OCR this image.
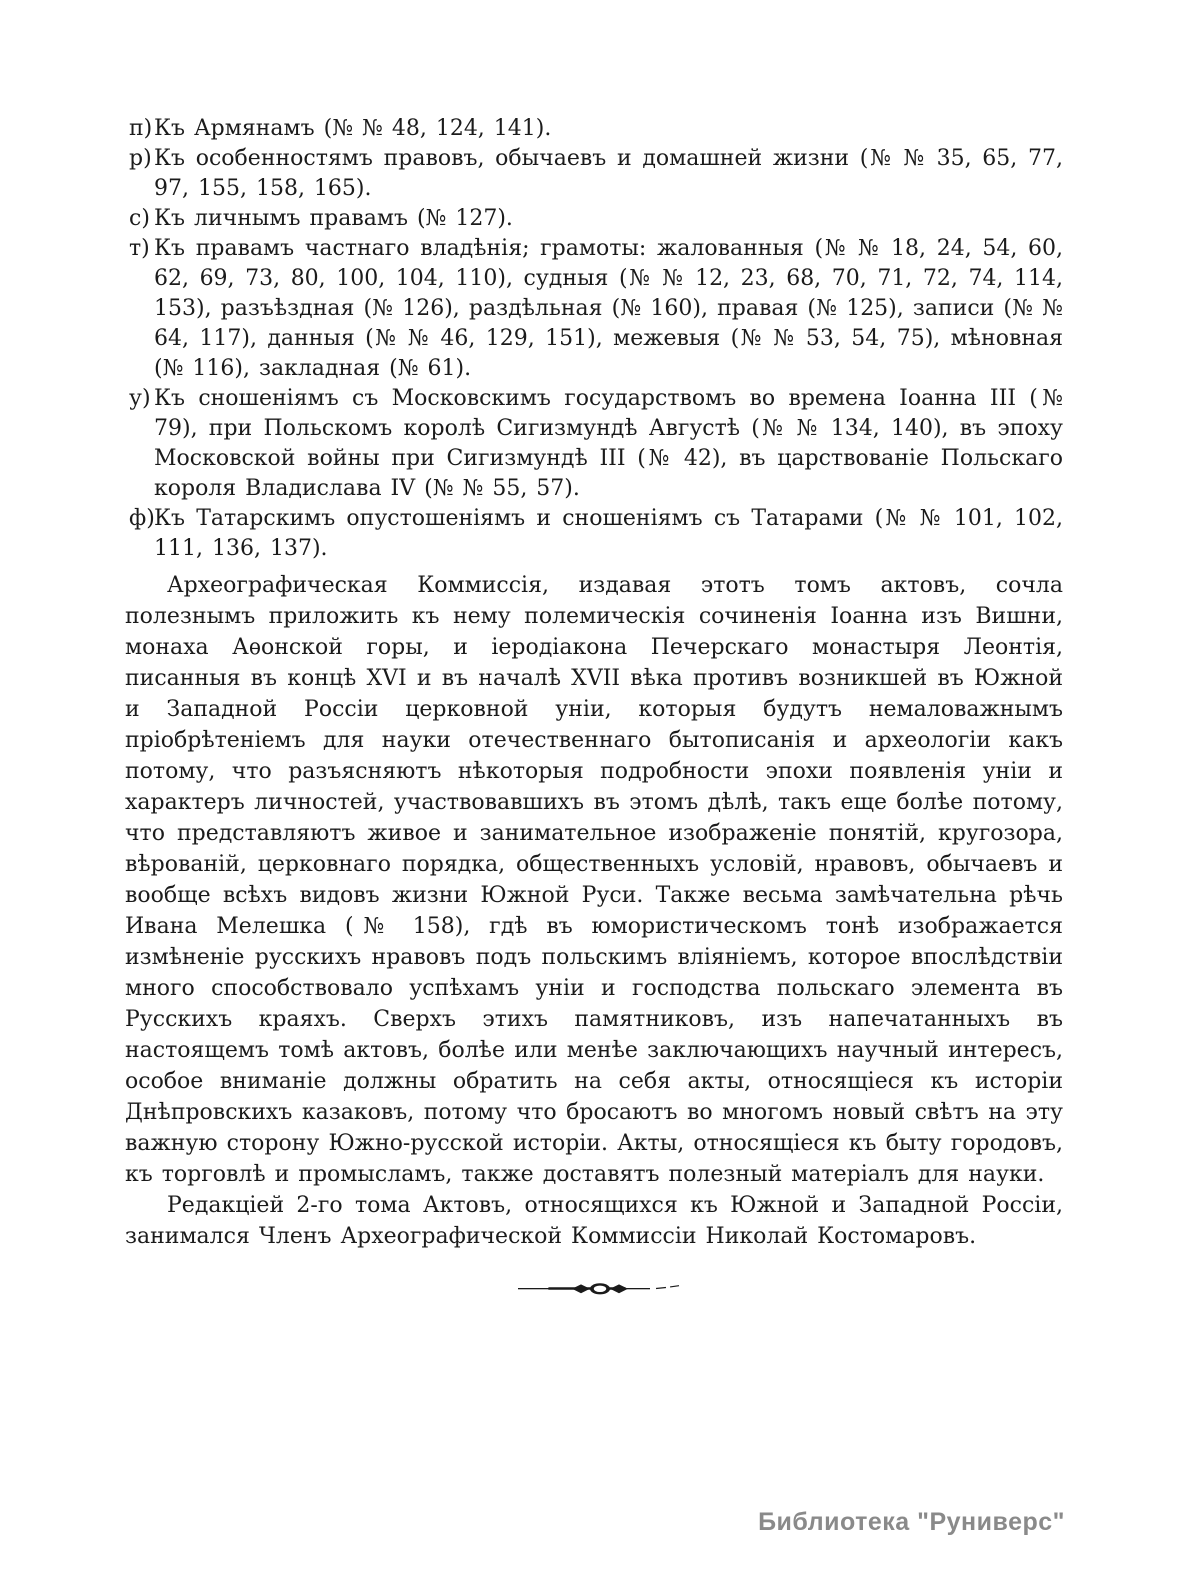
п) Къ Армянамъ (№ № 48, 124, 141).
р) Къ особенностямъ правовъ, обычаевъ и домашней жизни (№ № 35, 65, 77, 97, 155, 158, 165).
с) Къ личнымъ правамъ (№ 127).
т) Къ правамъ частнаго владѣнія; грамоты: жалованныя (№ № 18, 24, 54, 60, 62, 69, 73, 80, 100, 104, 110), судныя (№ № 12, 23, 68, 70, 71, 72, 74, 114, 153), разъѣздная (№ 126), раздѣльная (№ 160), правая (№ 125), записи (№ № 64, 117), данныя (№ № 46, 129, 151), межевыя (№ № 53, 54, 75), мѣновная (№ 116), закладная (№ 61).
у) Къ сношеніямъ съ Московскимъ государствомъ во времена Іоанна III (№ 79), при Польскомъ королѣ Сигизмундѣ Августѣ (№ № 134, 140), въ эпоху Московской войны при Сигизмундѣ III (№ 42), въ царствованіе Польскаго короля Владислава IV (№ № 55, 57).
ф) Къ Татарскимъ опустошеніямъ и сношеніямъ съ Татарами (№ № 101, 102, 111, 136, 137).

Археографическая Коммиссія, издавая этотъ томъ актовъ, сочла полезнымъ приложить къ нему полемическія сочиненія Іоанна изъ Вишни, монаха Аѳонской горы, и іеродіакона Печерскаго монастыря Леонтія, писанныя въ концѣ XVI и въ началѣ XVII вѣка противъ возникшей въ Южной и Западной Россіи церковной уніи, которыя будутъ немаловажнымъ пріобрѣтеніемъ для науки отечественнаго бытописанія и археологіи какъ потому, что разъясняютъ нѣкоторыя подробности эпохи появленія уніи и характеръ личностей, участвовавшихъ въ этомъ дѣлѣ, такъ еще болѣе потому, что представляютъ живое и занимательное изображеніе понятій, кругозора, вѣрованій, церковнаго порядка, общественныхъ условій, нравовъ, обычаевъ и вообще всѣхъ видовъ жизни Южной Руси. Также весьма замѣчательна рѣчь Ивана Мелешка (№ 158), гдѣ въ юмористическомъ тонѣ изображается измѣненіе русскихъ нравовъ подъ польскимъ вліяніемъ, которое впослѣдствіи много способствовало успѣхамъ уніи и господства польскаго элемента въ Русскихъ краяхъ. Сверхъ этихъ памятниковъ, изъ напечатанныхъ въ настоящемъ томѣ актовъ, болѣе или менѣе заключающихъ научный интересъ, особое вниманіе должны обратить на себя акты, относящіеся къ исторіи Днѣпровскихъ казаковъ, потому что бросаютъ во многомъ новый свѣтъ на эту важную сторону Южно-русской исторіи. Акты, относящіеся къ быту городовъ, къ торговлѣ и промысламъ, также доставятъ полезный матеріалъ для науки.

Редакціей 2-го тома Актовъ, относящихся къ Южной и Западной Россіи, занимался Членъ Археографической Коммиссіи Николай Костомаровъ.

Библиотека "Руниверс"
